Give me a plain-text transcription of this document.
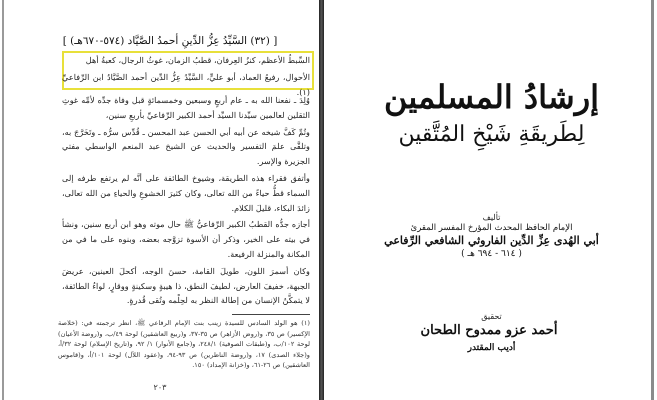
[ (٣٢) السَّيِّدُ عِزُّ الدِّينِ أحمدُ الصَّيَّاد (٥٧٤-٦٧٠هـ) ]

السِّبطُ الأعظم، كنزُ العِرفان، قطبُ الزمان، غوثُ الرجال، كعبةُ أهل

الأحوال، رفيعُ العماد، أبو عليٍّ، السَّيِّدُ عِزُّ الدِّين أحمد الصَّيَّادُ ابن الرِّفاعيِّ (١).

وُلِدَ ـ نفعنا الله به ـ عام أربعٍ وسبعين وخمسمائةٍ قبل وفاة جدِّه لأمِّه غوثِ الثقلين لعالمين سيِّدنا السيِّد أحمد الكبير الرِّفاعيِّ بأربعِ سنين،

وتُمِّ كَفَّ شيخه عن أبيه أبي الحسن عبد المحسن ـ قُدِّس سرُّه ـ وتَخَرَّجَ به، وتلقَّى علمَ التفسير والحديث عن الشيخ عبد المنعم الواسطي مفتي الجزيرة والإسر.

وأتفق فقراء هذه الطريقة، وشيوخ الطائفة على أنَّه لم يرتفع طرفه إلى السماء قطُّ حياءً من الله تعالى، وكان كثيرَ الخشوعِ والحياءِ من الله تعالى، زائدَ البكاء، قليلَ الكلام.

أجازه جدُّه القطبُ الكبير الرِّفاعيُّ ﷺ حال موته وهو ابن أربع سنين، ونشأ في بيته على الخير، وذكر أن الأسوة تزوَّجه بعضه، وبنوه على ما في من المكانة والمنزلة الرفيعة.

وكان أسمرَ اللون، طويلَ القامة، حسنَ الوجه، أكحلَ العينين، عريضَ الجبهة، خفيفَ العارض، لطيفَ النطق، ذا هيبةٍ وسكينةٍ ووقارٍ، لواءُ الطائفة، لا يتمكَّنُ الإنسان من إطالة النظر به لحِلْمه وتُقى قُدرةٍ.

(١) هو الولد السادس للسيدة زينب بنت الإمام الرفاعي ﷺ، انظر ترجمته في: (خلاصة الإكسير) ص ٣٥، و(روض الأزاهر) ص ٣٥-٣٧، و(ربيع العاشقين) لوحة ٤٩/ب، و(روضة الأعيان) لوحة ١٠٢/ب، و(طبقات الصوفية) ٢٤٨/١، و(جامع الأنوار) ١/ ٩٢، و(تاريخ الإسلام) لوحة ٣٢/أ، و(جلاء الصدى) ١٧، و(روضة الناظرين) ص ٩٣-٩٤، و(عقود اللآل) لوحة ١٠١/أ، و(قاموس العاشقين) ص ٢٦-٦١، و(خزانة الإمداد) ١٥٠.

٢٠٣
إرشادُ المسلمين
لِطَريقَةِ شَيْخِ المُتَّقين
تأليف
الإمام الحافظ المحدث المؤرخ المفسر المقرئ
أبي الهُدى عِزِّ الدِّين الفاروثي الشافعي الرِّفاعي
( ٦١٤ - ٦٩٤ هـ )
تحقيق
أحمد عزو ممدوح الطحان
أديب المقتدر
